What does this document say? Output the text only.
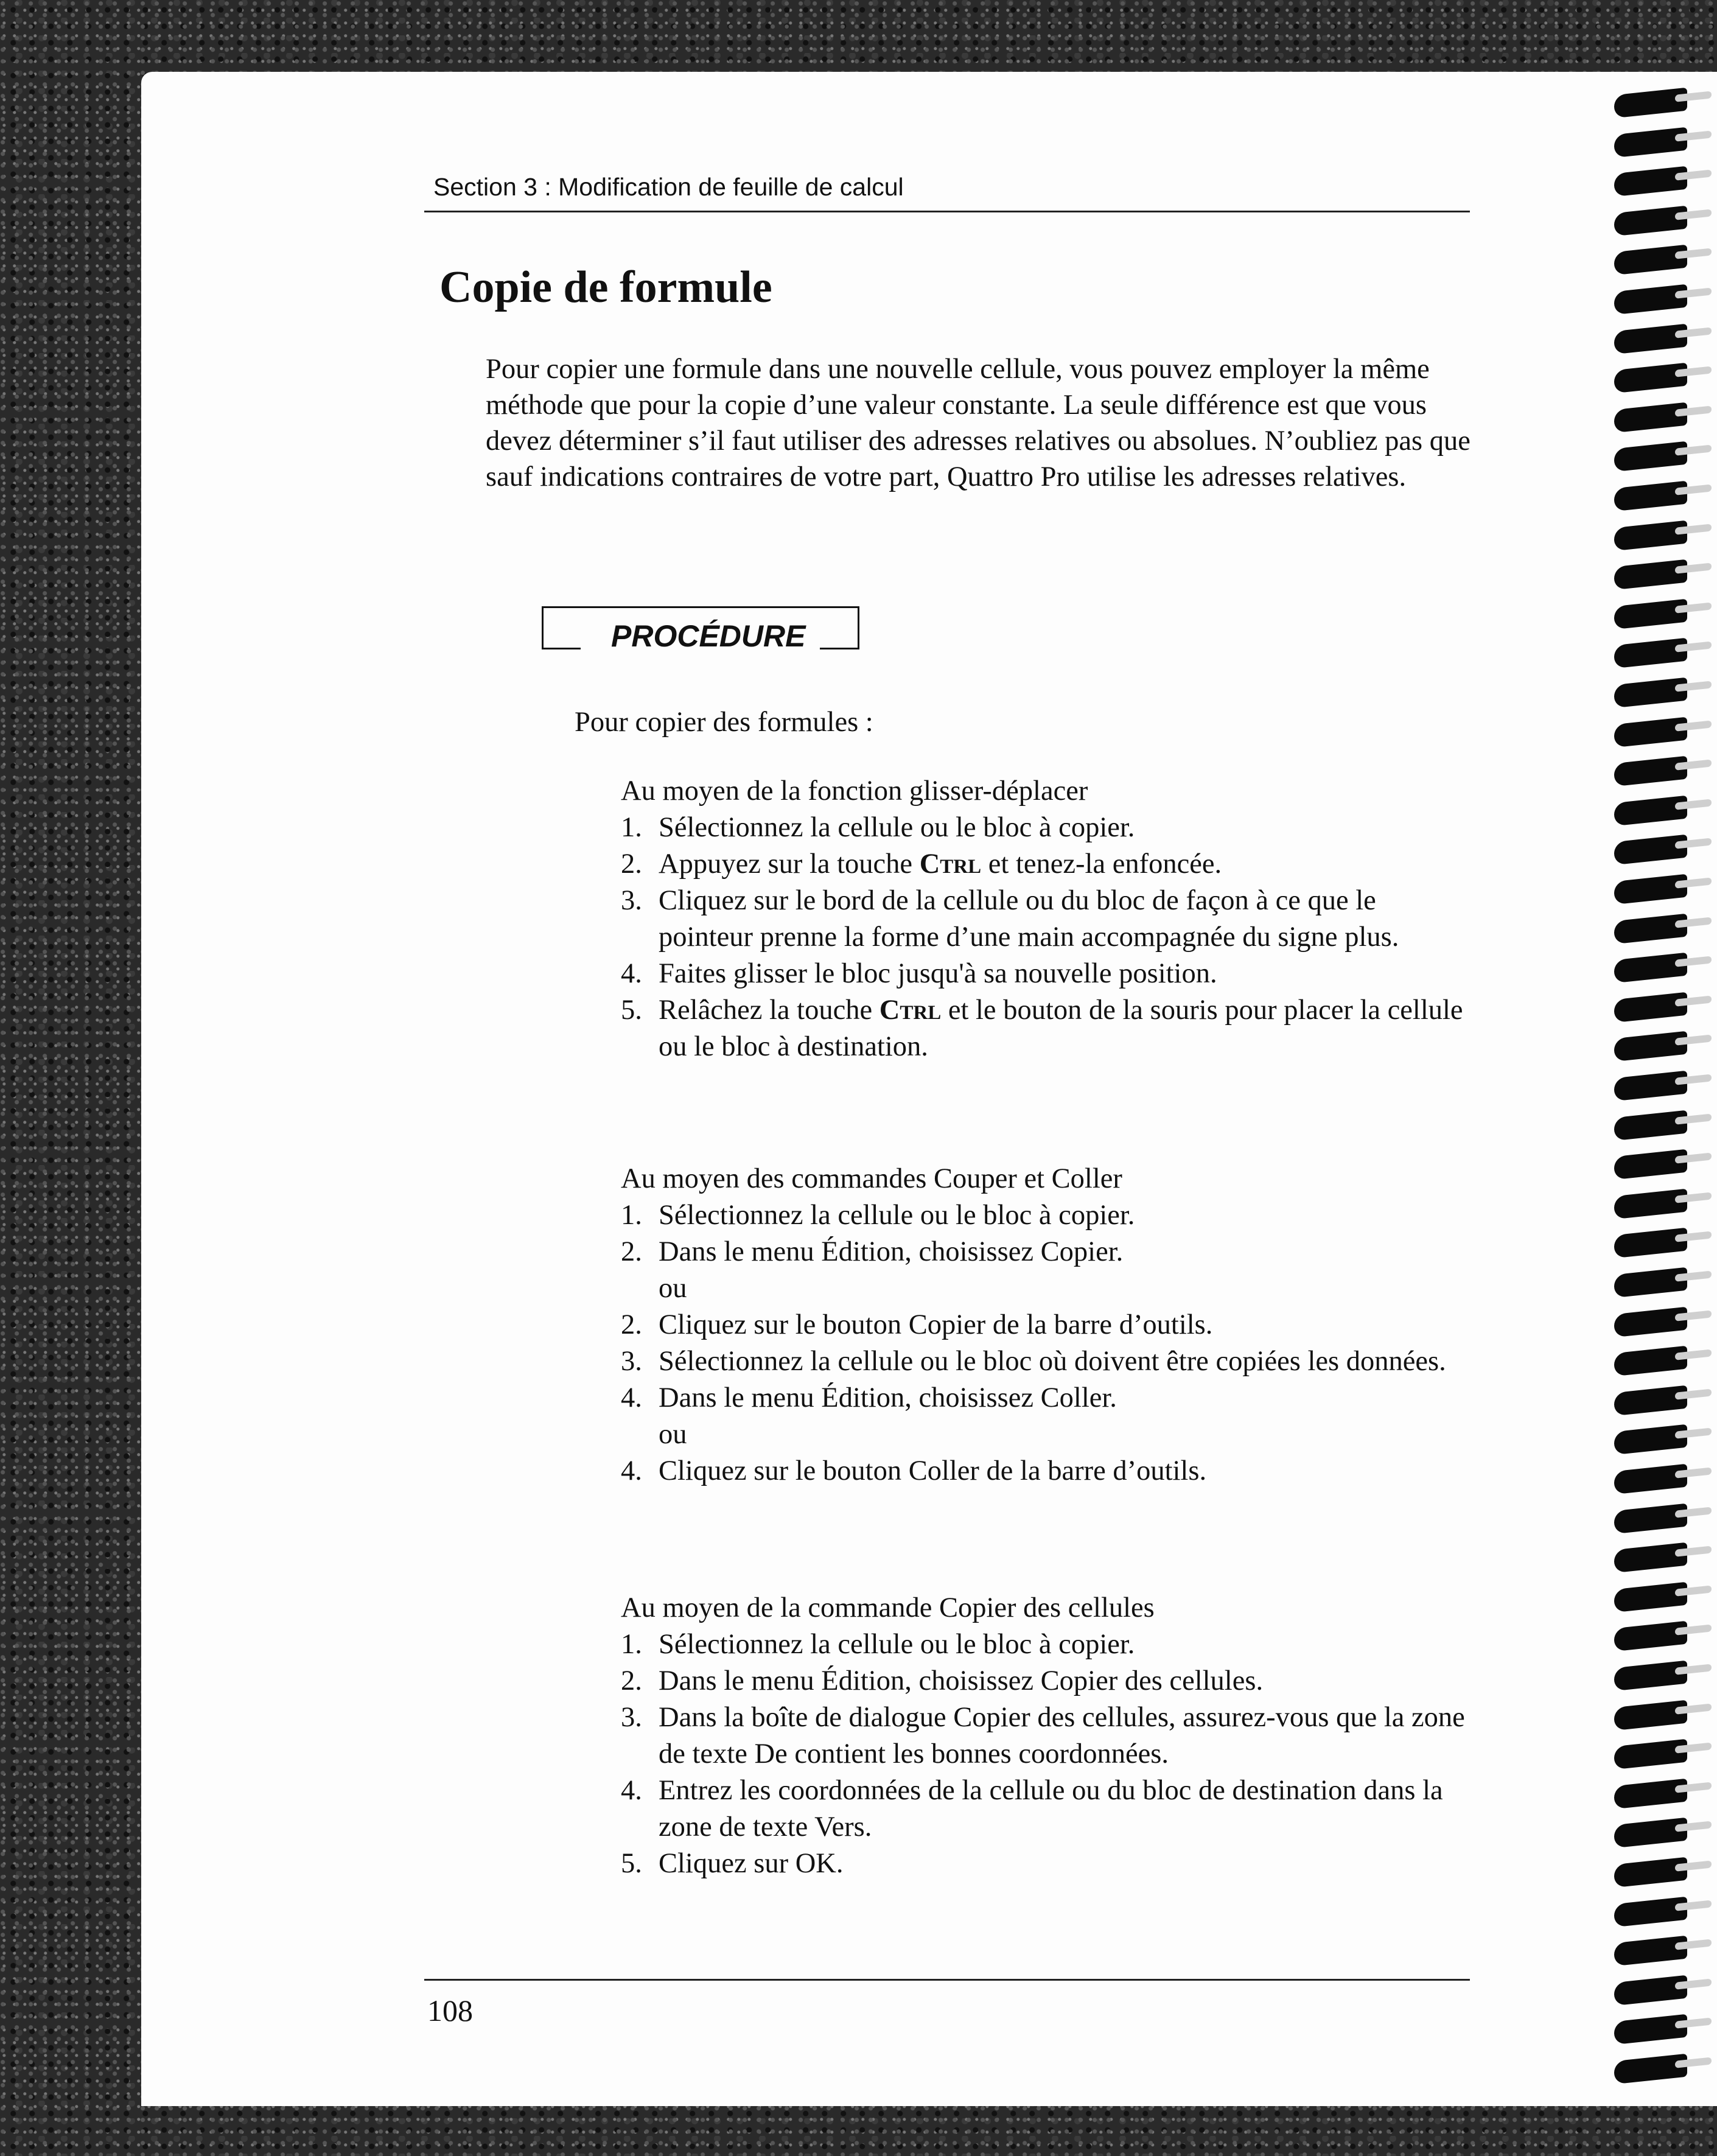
Section 3 : Modification de feuille de calcul
Copie de formule

Pour copier une formule dans une nouvelle cellule, vous pouvez employer la même méthode que pour la copie d’une valeur constante. La seule différence est que vous devez déterminer s’il faut utiliser des adresses relatives ou absolues. N’oubliez pas que sauf indications contraires de votre part, Quattro Pro utilise les adresses relatives.

PROCÉDURE

Pour copier des formules :

Au moyen de la fonction glisser-déplacer
1. Sélectionnez la cellule ou le bloc à copier.
2. Appuyez sur la touche Ctrl et tenez-la enfoncée.
3. Cliquez sur le bord de la cellule ou du bloc de façon à ce que le pointeur prenne la forme d’une main accompagnée du signe plus.
4. Faites glisser le bloc jusqu'à sa nouvelle position.
5. Relâchez la touche Ctrl et le bouton de la souris pour placer la cellule ou le bloc à destination.
Au moyen des commandes Couper et Coller
1. Sélectionnez la cellule ou le bloc à copier.
2. Dans le menu Édition, choisissez Copier.
ou
2. Cliquez sur le bouton Copier de la barre d’outils.
3. Sélectionnez la cellule ou le bloc où doivent être copiées les données.
4. Dans le menu Édition, choisissez Coller.
ou
4. Cliquez sur le bouton Coller de la barre d’outils.
Au moyen de la commande Copier des cellules
1. Sélectionnez la cellule ou le bloc à copier.
2. Dans le menu Édition, choisissez Copier des cellules.
3. Dans la boîte de dialogue Copier des cellules, assurez-vous que la zone de texte De contient les bonnes coordonnées.
4. Entrez les coordonnées de la cellule ou du bloc de destination dans la zone de texte Vers.
5. Cliquez sur OK.
108
